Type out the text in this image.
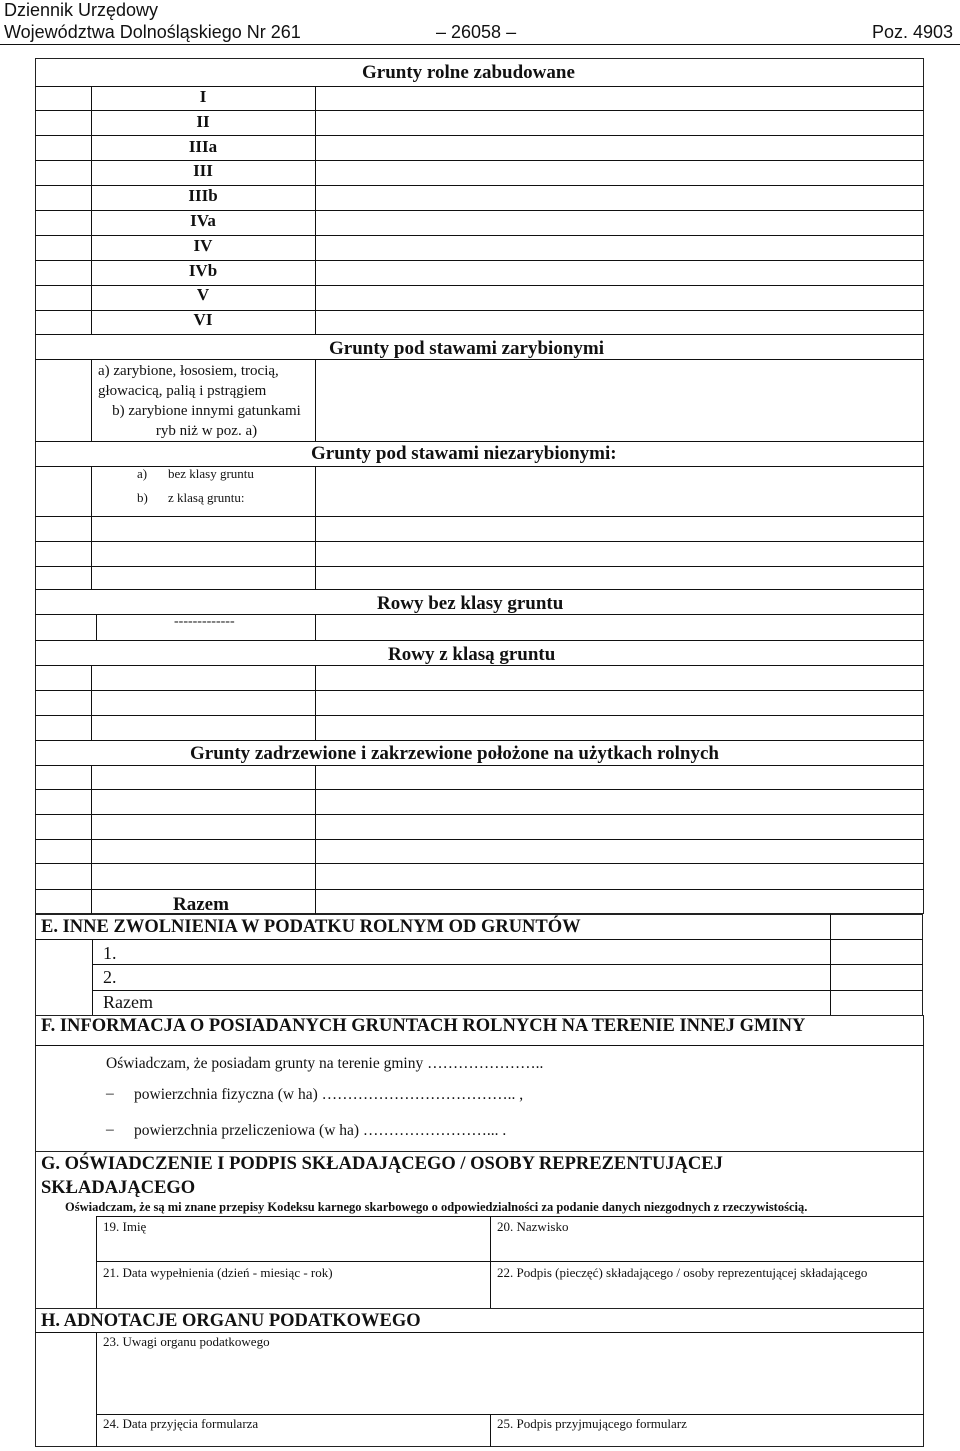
Dziennik Urzędowy
Województwa Dolnośląskiego Nr 261	– 26058 –	Poz. 4903
Grunty rolne zabudowane
I
II
IIIa
III
IIIb
IVa
IV
IVb
V
VI
Grunty pod stawami zarybionymi
a) zarybione, łososiem, trocią, głowacicą, palią i pstrągiem
b) zarybione innymi gatunkami ryb niż w poz. a)
Grunty pod stawami niezarybionymi:
a) bez klasy gruntu
b) z klasą gruntu:
Rowy bez klasy gruntu
-------------
Rowy z klasą gruntu
Grunty zadrzewione i zakrzewione położone na użytkach rolnych
Razem
E. INNE ZWOLNIENIA W PODATKU ROLNYM OD GRUNTÓW
1.
2.
Razem
F. INFORMACJA O POSIADANYCH GRUNTACH ROLNYCH NA TERENIE INNEJ GMINY
Oświadczam, że posiadam grunty na terenie gminy …………………..
– powierzchnia fizyczna (w ha) ……………………………….. ,
– powierzchnia przeliczeniowa (w ha) ……………………... .
G. OŚWIADCZENIE I PODPIS SKŁADAJĄCEGO / OSOBY REPREZENTUJĄCEJ
SKŁADAJĄCEGO
Oświadczam, że są mi znane przepisy Kodeksu karnego skarbowego o odpowiedzialności za podanie danych niezgodnych z rzeczywistością.
19. Imię	20. Nazwisko
21. Data wypełnienia (dzień - miesiąc - rok)	22. Podpis (pieczęć) składającego / osoby reprezentującej składającego
H. ADNOTACJE ORGANU PODATKOWEGO
23. Uwagi organu podatkowego
24. Data przyjęcia formularza	25. Podpis przyjmującego formularz
